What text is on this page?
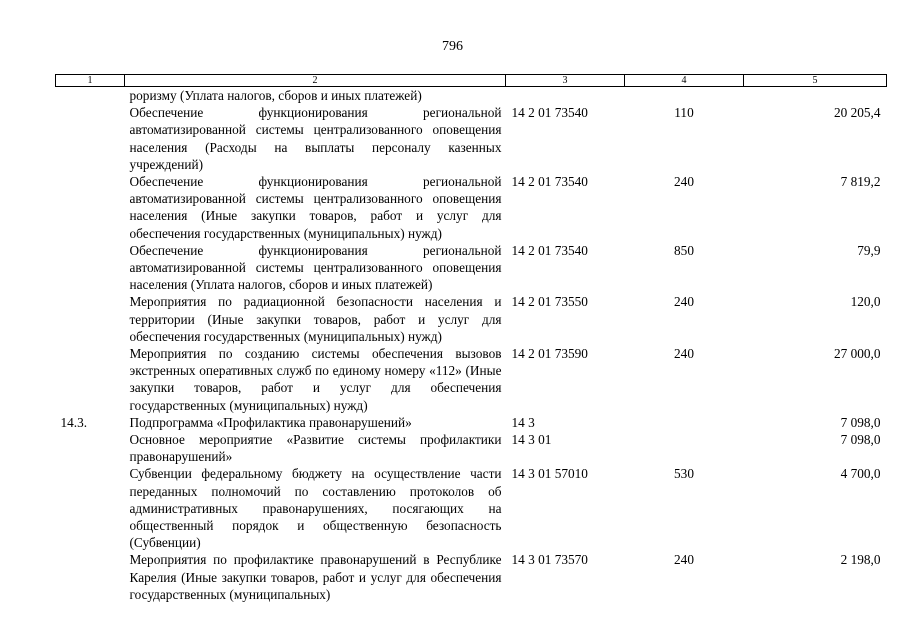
796
1	2	3	4	5
	роризму (Уплата налогов, сборов и иных платежей)			
	Обеспечение функционирования региональной автоматизированной системы централизованного оповещения населения (Расходы на выплаты персоналу казенных учреждений)	14 2 01 73540	110	20 205,4
	Обеспечение функционирования региональной автоматизированной системы централизованного оповещения населения (Иные закупки товаров, работ и услуг для обеспечения государственных (муниципальных) нужд)	14 2 01 73540	240	7 819,2
	Обеспечение функционирования региональной автоматизированной системы централизованного оповещения населения (Уплата налогов, сборов и иных платежей)	14 2 01 73540	850	79,9
	Мероприятия по радиационной безопасности населения и территории (Иные закупки товаров, работ и услуг для обеспечения государственных (муниципальных) нужд)	14 2 01 73550	240	120,0
	Мероприятия по созданию системы обеспечения вызовов экстренных оперативных служб по единому номеру «112» (Иные закупки товаров, работ и услуг для обеспечения государственных (муниципальных) нужд)	14 2 01 73590	240	27 000,0
14.3.	Подпрограмма «Профилактика правонарушений»	14 3		7 098,0
	Основное мероприятие «Развитие системы профилактики правонарушений»	14 3 01		7 098,0
	Субвенции федеральному бюджету на осуществление части переданных полномочий по составлению протоколов об административных правонарушениях, посягающих на общественный порядок и общественную безопасность (Субвенции)	14 3 01 57010	530	4 700,0
	Мероприятия по профилактике правонарушений в Республике Карелия (Иные закупки товаров, работ и услуг для обеспечения государственных (муниципальных)	14 3 01 73570	240	2 198,0
